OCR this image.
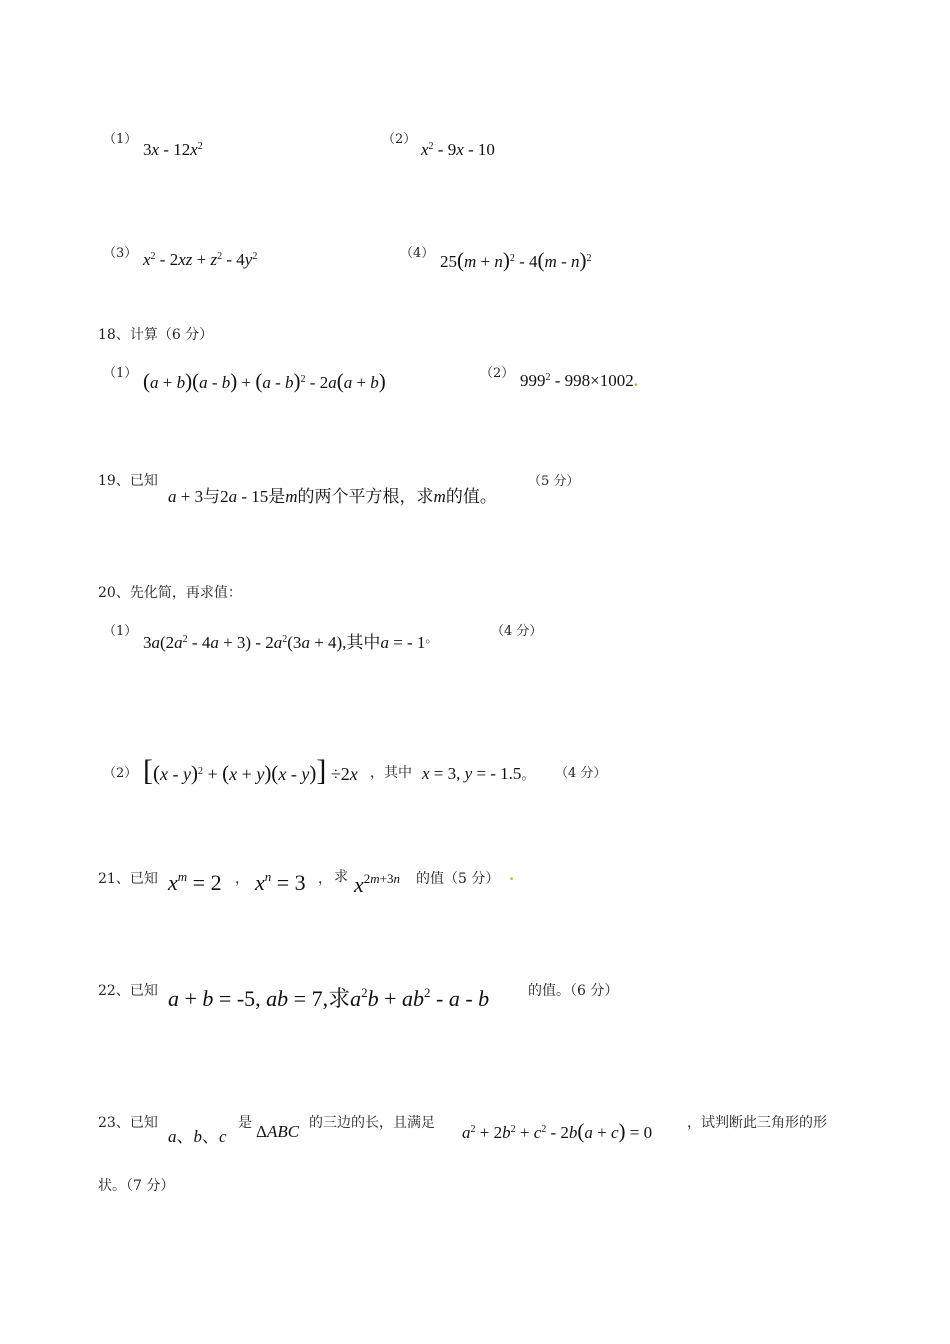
（1）
$3x - 12x^2$	（2）
$x^2 - 9x - 10$
（3） $x^2 - 2xz + z^2 - 4y^2$	（4） $25(m + n)^2 - 4(m - n)^2$
18、计算（6 分）
（1） (a + b)(a - b) + (a - b)$^2$ - 2a(a + b)	（2） $999^2 - 998\times 1002$.
19、已知
a + 3与2a - 15是m的两个平方根，求m的值。
（5 分）
20、先化简，再求值：
（1）
$3a(2a^2 - 4a + 3) - 2a^2(3a + 4)$,其中a = - 1。	（4 分）
（2） [(x - y)$^2$ + (x + y)(x - y)] ÷2x ，其中 x = 3, y = - 1.5。 （4 分）
21、已知 $x^m = 2$ ， $x^n = 3$ ， 求 $x^{2m+3n}$ 的值（5 分） .
22、已知 a + b = -5, ab = 7,求$a^2b + ab^2 - a - b$	的值。（6 分）
23、已知
a、b、c
是 ΔABC 的三边的长，且满足 $a^2 + 2b^2 + c^2 - 2b(a + c) = 0$ ，试判断此三角形的形
状。（7 分）
